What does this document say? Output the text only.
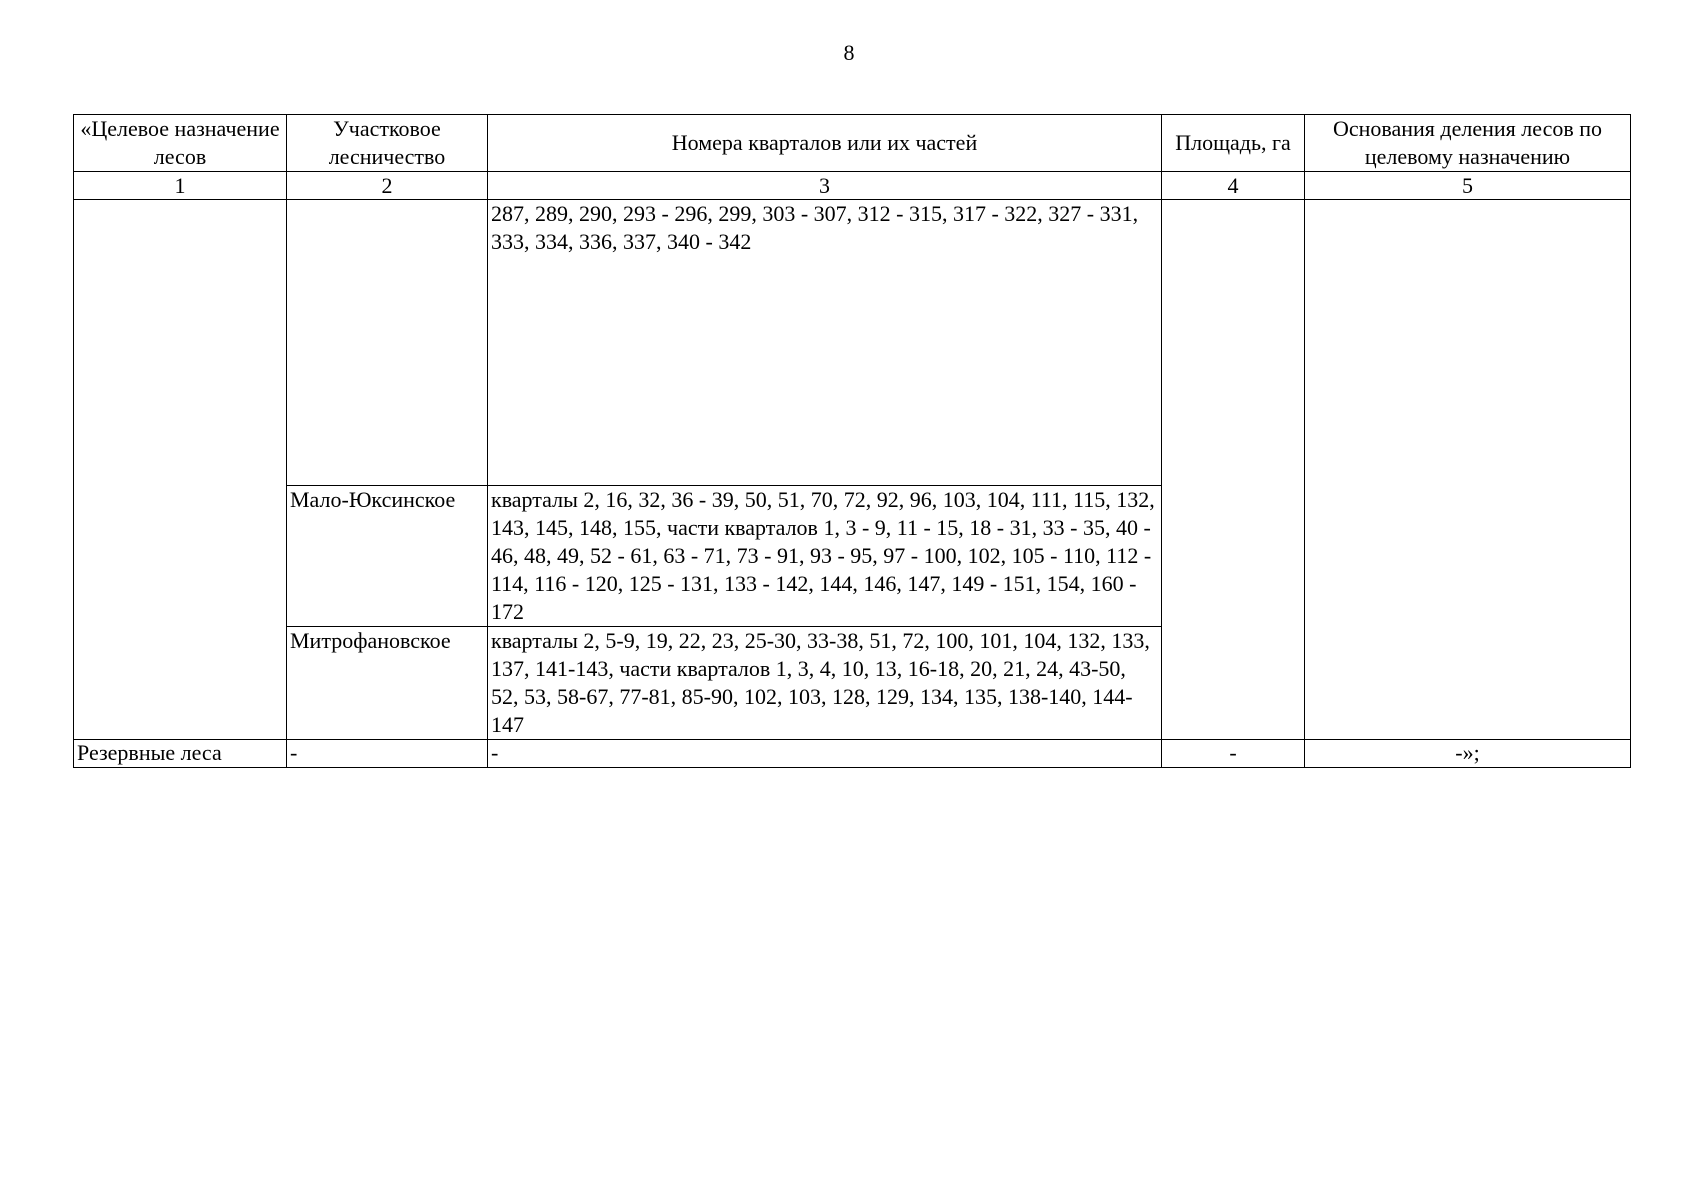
8
«Целевое назначение лесов	Участковое лесничество	Номера кварталов или их частей	Площадь, га	Основания деления лесов по целевому назначению
1	2	3	4	5
		287, 289, 290, 293 - 296, 299, 303 - 307, 312 - 315, 317 - 322, 327 - 331, 333, 334, 336, 337, 340 - 342		
	Мало-Юксинское	кварталы 2, 16, 32, 36 - 39, 50, 51, 70, 72, 92, 96, 103, 104, 111, 115, 132, 143, 145, 148, 155, части кварталов 1, 3 - 9, 11 - 15, 18 - 31, 33 - 35, 40 - 46, 48, 49, 52 - 61, 63 - 71, 73 - 91, 93 - 95, 97 - 100, 102, 105 - 110, 112 - 114, 116 - 120, 125 - 131, 133 - 142, 144, 146, 147, 149 - 151, 154, 160 - 172		
	Митрофановское	кварталы 2, 5-9, 19, 22, 23, 25-30, 33-38, 51, 72, 100, 101, 104, 132, 133, 137, 141-143, части кварталов 1, 3, 4, 10, 13, 16-18, 20, 21, 24, 43-50, 52, 53, 58-67, 77-81, 85-90, 102, 103, 128, 129, 134, 135, 138-140, 144-147		
Резервные леса	-	-	-	-»;
